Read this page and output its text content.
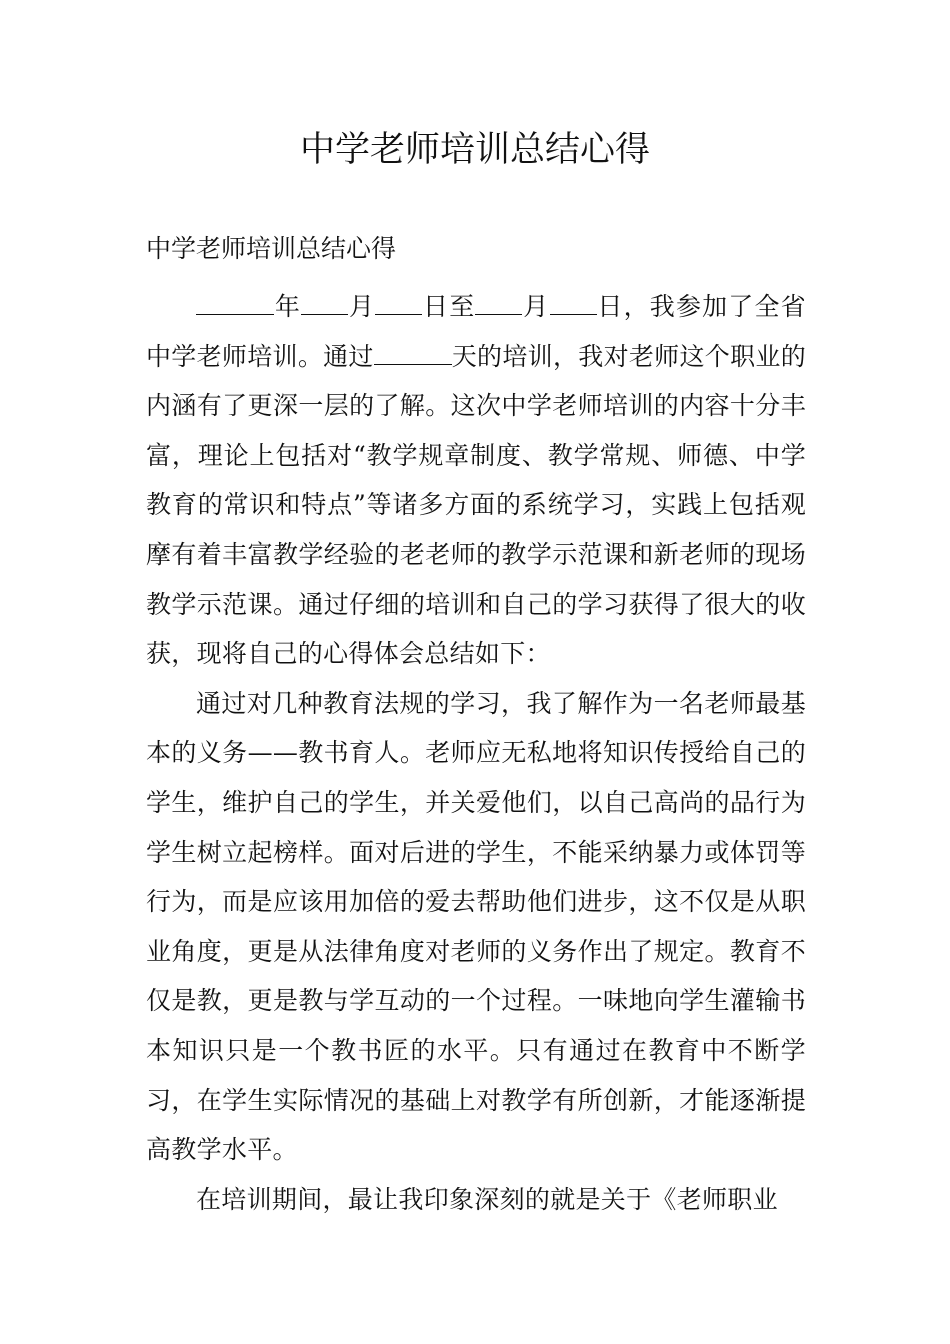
中学老师培训总结心得

中学老师培训总结心得

年 月 日至 月 日，我参加了全省中学老师培训。通过	天的培训，我对老师这个职业的内涵有了更深一层的了解。这次中学老师培训的内容十分丰富，理论上包括对“教学规章制度、教学常规、师德、中学教育的常识和特点”等诸多方面的系统学习，实践上包括观摩有着丰富教学经验的老老师的教学示范课和新老师的现场教学示范课。通过仔细的培训和自己的学习获得了很大的收获，现将自己的心得体会总结如下：

通过对几种教育法规的学习，我了解作为一名老师最基本的义务——教书育人。老师应无私地将知识传授给自己的学生，维护自己的学生，并关爱他们，以自己高尚的品行为学生树立起榜样。面对后进的学生，不能采纳暴力或体罚等行为，而是应该用加倍的爱去帮助他们进步，这不仅是从职业角度，更是从法律角度对老师的义务作出了规定。教育不仅是教，更是教与学互动的一个过程。一味地向学生灌输书本知识只是一个教书匠的水平。只有通过在教育中不断学习，在学生实际情况的基础上对教学有所创新，才能逐渐提高教学水平。

在培训期间，最让我印象深刻的就是关于《老师职业
